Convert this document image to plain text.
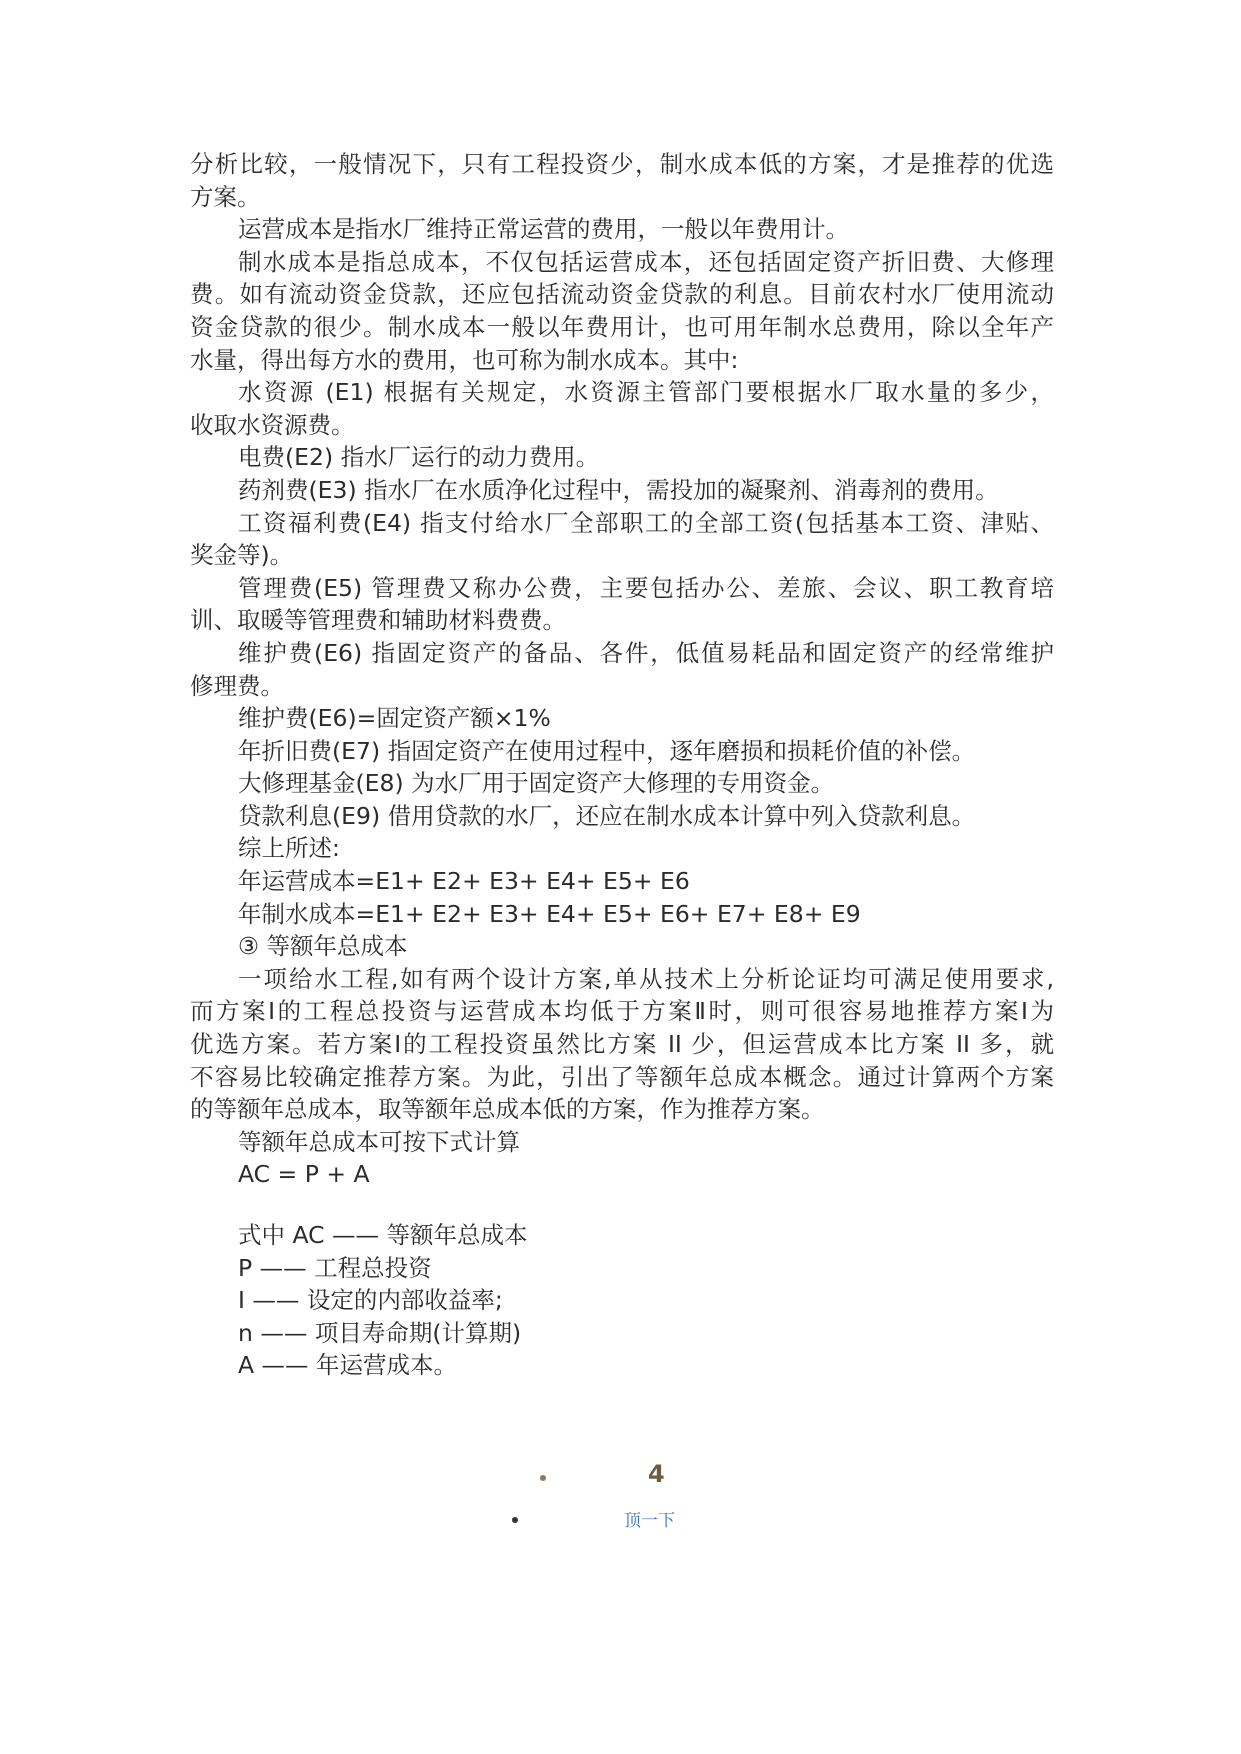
分析比较，一般情况下，只有工程投资少，制水成本低的方案，才是推荐的优选

方案。

运营成本是指水厂维持正常运营的费用，一般以年费用计。

制水成本是指总成本，不仅包括运营成本，还包括固定资产折旧费、大修理

费。如有流动资金贷款，还应包括流动资金贷款的利息。目前农村水厂使用流动

资金贷款的很少。制水成本一般以年费用计，也可用年制水总费用，除以全年产

水量，得出每方水的费用，也可称为制水成本。其中:

水资源 (E1) 根据有关规定，水资源主管部门要根据水厂取水量的多少，

收取水资源费。

电费(E2) 指水厂运行的动力费用。

药剂费(E3) 指水厂在水质净化过程中，需投加的凝聚剂、消毒剂的费用。

工资福利费(E4) 指支付给水厂全部职工的全部工资(包括基本工资、津贴、

奖金等)。

管理费(E5) 管理费又称办公费，主要包括办公、差旅、会议、职工教育培

训、取暖等管理费和辅助材料费费。

维护费(E6) 指固定资产的备品、各件，低值易耗品和固定资产的经常维护

修理费。

维护费(E6)=固定资产额×1%

年折旧费(E7) 指固定资产在使用过程中，逐年磨损和损耗价值的补偿。

大修理基金(E8) 为水厂用于固定资产大修理的专用资金。

贷款利息(E9) 借用贷款的水厂，还应在制水成本计算中列入贷款利息。

综上所述:

年运营成本=E1+ E2+ E3+ E4+ E5+ E6

年制水成本=E1+ E2+ E3+ E4+ E5+ E6+ E7+ E8+ E9

③ 等额年总成本

一项给水工程,如有两个设计方案,单从技术上分析论证均可满足使用要求,

而方案Ⅰ的工程总投资与运营成本均低于方案Ⅱ时，则可很容易地推荐方案Ⅰ为

优选方案。若方案Ⅰ的工程投资虽然比方案 II 少，但运营成本比方案 II 多，就

不容易比较确定推荐方案。为此，引出了等额年总成本概念。通过计算两个方案

的等额年总成本，取等额年总成本低的方案，作为推荐方案。

等额年总成本可按下式计算

AC = P + A

式中 AC —— 等额年总成本

P —— 工程总投资

I —— 设定的内部收益率;

n —— 项目寿命期(计算期)

A —— 年运营成本。

4
顶一下
